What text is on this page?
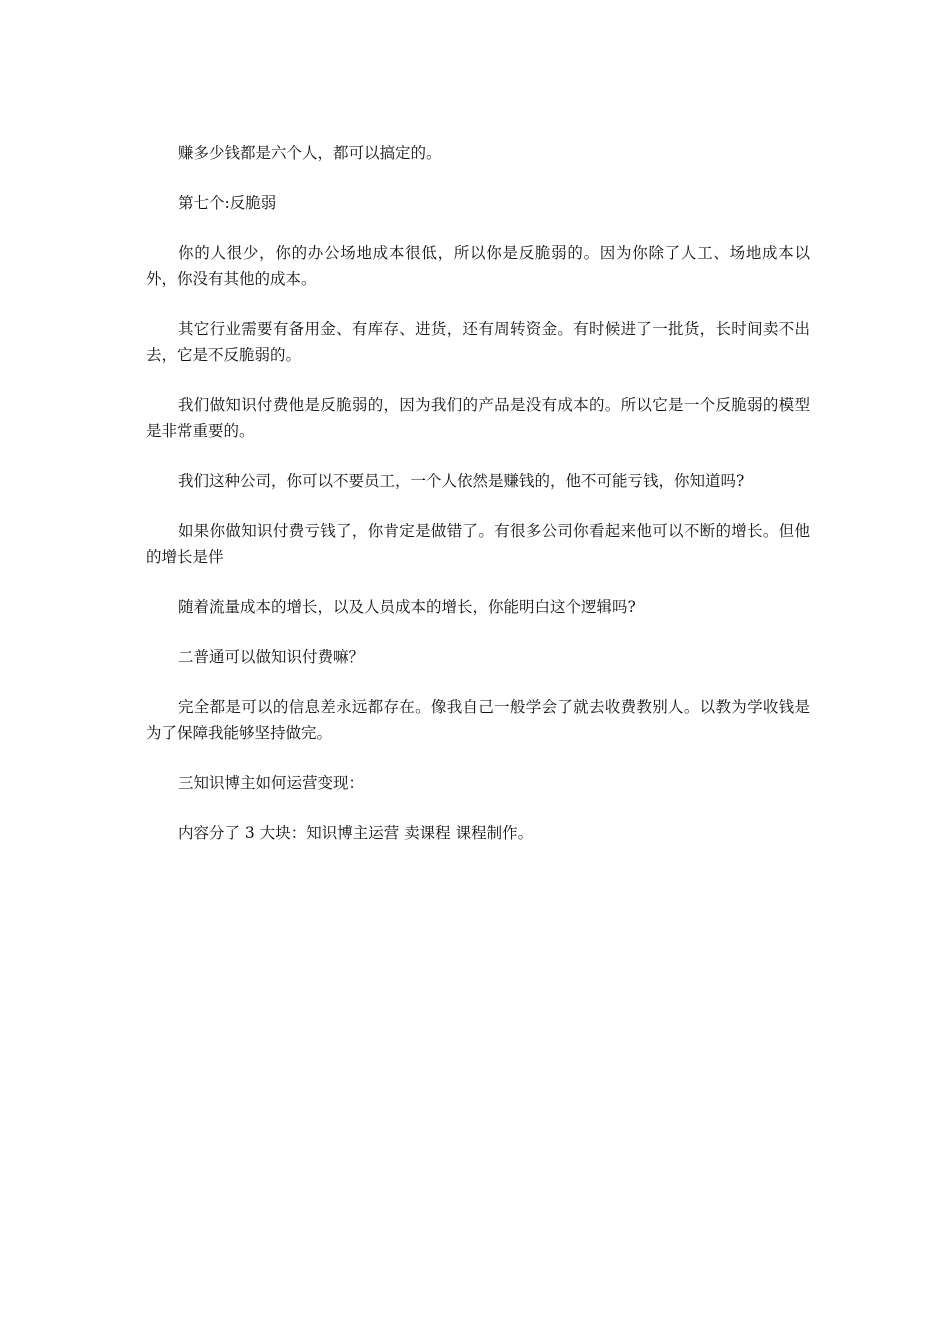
赚多少钱都是六个人，都可以搞定的。

第七个:反脆弱

你的人很少，你的办公场地成本很低，所以你是反脆弱的。因为你除了人工、场地成本以外，你没有其他的成本。

其它行业需要有备用金、有库存、进货，还有周转资金。有时候进了一批货，长时间卖不出去，它是不反脆弱的。

我们做知识付费他是反脆弱的，因为我们的产品是没有成本的。所以它是一个反脆弱的模型是非常重要的。

我们这种公司，你可以不要员工，一个人依然是赚钱的，他不可能亏钱，你知道吗?

如果你做知识付费亏钱了，你肯定是做错了。有很多公司你看起来他可以不断的增长。但他的增长是伴

随着流量成本的增长，以及人员成本的增长，你能明白这个逻辑吗?

二普通可以做知识付费嘛？

完全都是可以的信息差永远都存在。像我自己一般学会了就去收费教别人。以教为学收钱是为了保障我能够坚持做完。

三知识博主如何运营变现：

内容分了 3 大块：知识博主运营 卖课程 课程制作。
